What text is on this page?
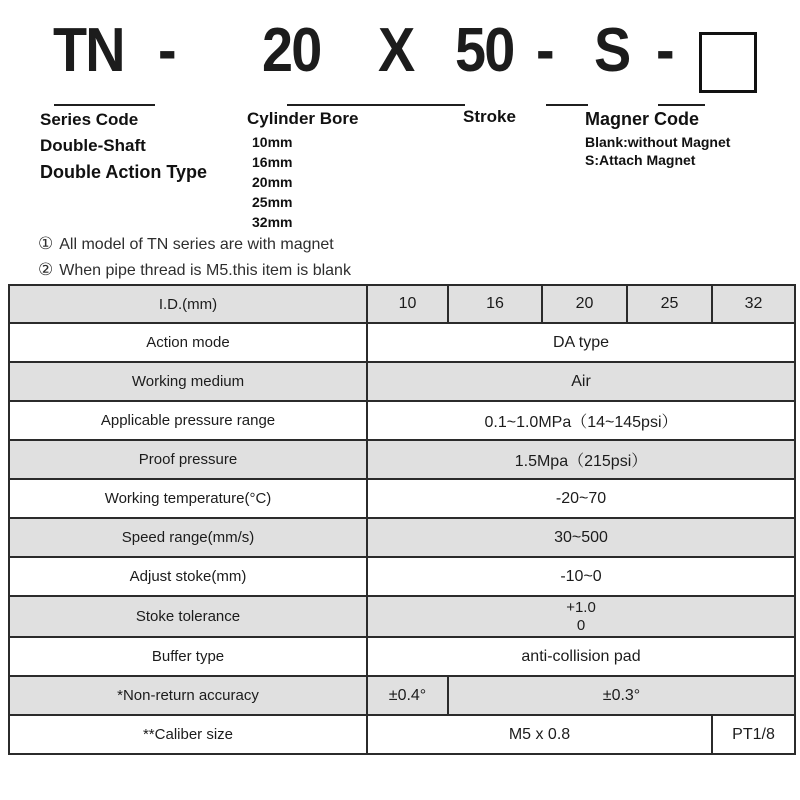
TN - 20 X 50 - S -
Series Code
Double-Shaft
Double Action Type
Cylinder Bore
10mm
16mm
20mm
25mm
32mm
Stroke	Magner Code
Blank:without Magnet
S:Attach Magnet
① All model of TN series are with magnet
② When pipe thread is M5.this item is blank
I.D.(mm)	10	16	20	25	32
Action mode	DA type				
Working medium	Air				
Applicable pressure range	0.1~1.0MPa（14~145psi）				
Proof pressure	1.5Mpa（215psi）				
Working temperature(°C)	-20~70				
Speed range(mm/s)	30~500				
Adjust stoke(mm)	-10~0				
Stoke tolerance	+1.0
0				

Buffer type	anti-collision pad				
*Non-return accuracy	±0.4°	±0.3°			
**Caliber size	M5 x 0.8				PT1/8
